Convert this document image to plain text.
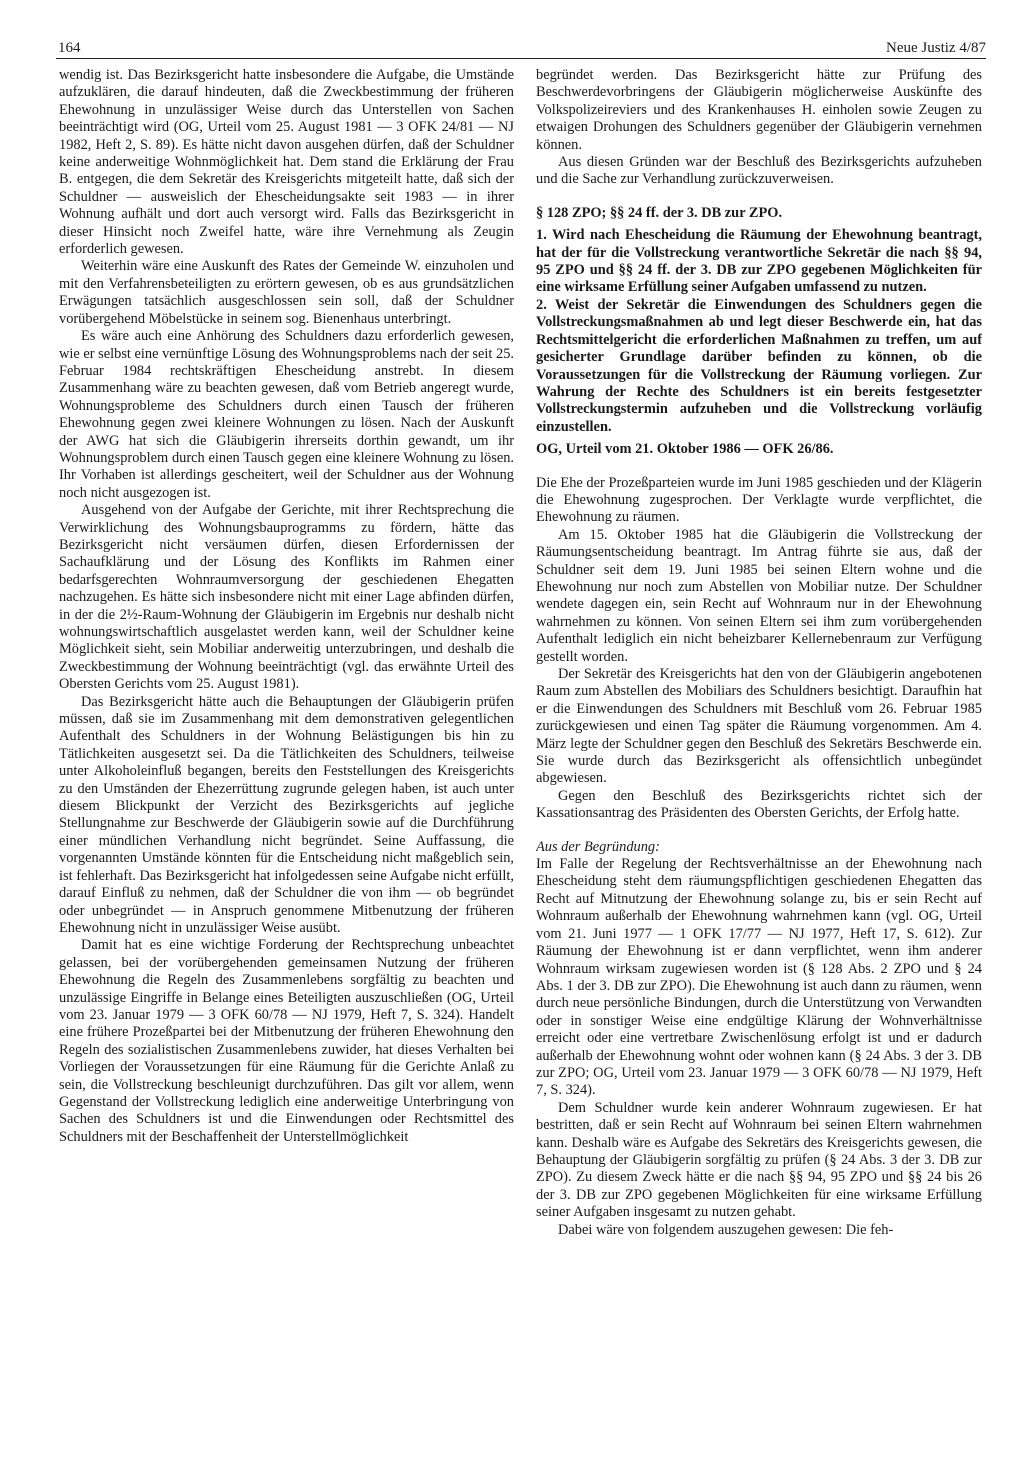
164	Neue Justiz 4/87

wendig ist. Das Bezirksgericht hatte insbesondere die Aufgabe, die Umstände aufzuklären, die darauf hindeuten, daß die Zweckbestimmung der früheren Ehewohnung in unzulässiger Weise durch das Unterstellen von Sachen beeinträchtigt wird (OG, Urteil vom 25. August 1981 — 3 OFK 24/81 — NJ 1982, Heft 2, S. 89). Es hätte nicht davon ausgehen dürfen, daß der Schuldner keine anderweitige Wohnmöglichkeit hat. Dem stand die Erklärung der Frau B. entgegen, die dem Sekretär des Kreisgerichts mitgeteilt hatte, daß sich der Schuldner — ausweislich der Ehescheidungsakte seit 1983 — in ihrer Wohnung aufhält und dort auch versorgt wird. Falls das Bezirksgericht in dieser Hinsicht noch Zweifel hatte, wäre ihre Vernehmung als Zeugin erforderlich gewesen.

Weiterhin wäre eine Auskunft des Rates der Gemeinde W. einzuholen und mit den Verfahrensbeteiligten zu erörtern gewesen, ob es aus grundsätzlichen Erwägungen tatsächlich ausgeschlossen sein soll, daß der Schuldner vorübergehend Möbelstücke in seinem sog. Bienenhaus unterbringt.

Es wäre auch eine Anhörung des Schuldners dazu erforderlich gewesen, wie er selbst eine vernünftige Lösung des Wohnungsproblems nach der seit 25. Februar 1984 rechtskräftigen Ehescheidung anstrebt. In diesem Zusammenhang wäre zu beachten gewesen, daß vom Betrieb angeregt wurde, Wohnungsprobleme des Schuldners durch einen Tausch der früheren Ehewohnung gegen zwei kleinere Wohnungen zu lösen. Nach der Auskunft der AWG hat sich die Gläubigerin ihrerseits dorthin gewandt, um ihr Wohnungsproblem durch einen Tausch gegen eine kleinere Wohnung zu lösen. Ihr Vorhaben ist allerdings gescheitert, weil der Schuldner aus der Wohnung noch nicht ausgezogen ist.

Ausgehend von der Aufgabe der Gerichte, mit ihrer Rechtsprechung die Verwirklichung des Wohnungsbauprogramms zu fördern, hätte das Bezirksgericht nicht versäumen dürfen, diesen Erfordernissen der Sachaufklärung und der Lösung des Konflikts im Rahmen einer bedarfsgerechten Wohnraumversorgung der geschiedenen Ehegatten nachzugehen. Es hätte sich insbesondere nicht mit einer Lage abfinden dürfen, in der die 2½-Raum-Wohnung der Gläubigerin im Ergebnis nur deshalb nicht wohnungswirtschaftlich ausgelastet werden kann, weil der Schuldner keine Möglichkeit sieht, sein Mobiliar anderweitig unterzubringen, und deshalb die Zweckbestimmung der Wohnung beeinträchtigt (vgl. das erwähnte Urteil des Obersten Gerichts vom 25. August 1981).

Das Bezirksgericht hätte auch die Behauptungen der Gläubigerin prüfen müssen, daß sie im Zusammenhang mit dem demonstrativen gelegentlichen Aufenthalt des Schuldners in der Wohnung Belästigungen bis hin zu Tätlichkeiten ausgesetzt sei. Da die Tätlichkeiten des Schuldners, teilweise unter Alkoholeinfluß begangen, bereits den Feststellungen des Kreisgerichts zu den Umständen der Ehezerrüttung zugrunde gelegen haben, ist auch unter diesem Blickpunkt der Verzicht des Bezirksgerichts auf jegliche Stellungnahme zur Beschwerde der Gläubigerin sowie auf die Durchführung einer mündlichen Verhandlung nicht begründet. Seine Auffassung, die vorgenannten Umstände könnten für die Entscheidung nicht maßgeblich sein, ist fehlerhaft. Das Bezirksgericht hat infolgedessen seine Aufgabe nicht erfüllt, darauf Einfluß zu nehmen, daß der Schuldner die von ihm — ob begründet oder unbegründet — in Anspruch genommene Mitbenutzung der früheren Ehewohnung nicht in unzulässiger Weise ausübt.

Damit hat es eine wichtige Forderung der Rechtsprechung unbeachtet gelassen, bei der vorübergehenden gemeinsamen Nutzung der früheren Ehewohnung die Regeln des Zusammenlebens sorgfältig zu beachten und unzulässige Eingriffe in Belange eines Beteiligten auszuschließen (OG, Urteil vom 23. Januar 1979 — 3 OFK 60/78 — NJ 1979, Heft 7, S. 324). Handelt eine frühere Prozeßpartei bei der Mitbenutzung der früheren Ehewohnung den Regeln des sozialistischen Zusammenlebens zuwider, hat dieses Verhalten bei Vorliegen der Voraussetzungen für eine Räumung für die Gerichte Anlaß zu sein, die Vollstreckung beschleunigt durchzuführen. Das gilt vor allem, wenn Gegenstand der Vollstreckung lediglich eine anderweitige Unterbringung von Sachen des Schuldners ist und die Einwendungen oder Rechtsmittel des Schuldners mit der Beschaffenheit der Unterstellmöglichkeit

begründet werden. Das Bezirksgericht hätte zur Prüfung des Beschwerdevorbringens der Gläubigerin möglicherweise Auskünfte des Volkspolizeireviers und des Krankenhauses H. einholen sowie Zeugen zu etwaigen Drohungen des Schuldners gegenüber der Gläubigerin vernehmen können.

Aus diesen Gründen war der Beschluß des Bezirksgerichts aufzuheben und die Sache zur Verhandlung zurückzuverweisen.

§ 128 ZPO; §§ 24 ff. der 3. DB zur ZPO.

1. Wird nach Ehescheidung die Räumung der Ehewohnung beantragt, hat der für die Vollstreckung verantwortliche Sekretär die nach §§ 94, 95 ZPO und §§ 24 ff. der 3. DB zur ZPO gegebenen Möglichkeiten für eine wirksame Erfüllung seiner Aufgaben umfassend zu nutzen.

2. Weist der Sekretär die Einwendungen des Schuldners gegen die Vollstreckungsmaßnahmen ab und legt dieser Beschwerde ein, hat das Rechtsmittelgericht die erforderlichen Maßnahmen zu treffen, um auf gesicherter Grundlage darüber befinden zu können, ob die Voraussetzungen für die Vollstreckung der Räumung vorliegen. Zur Wahrung der Rechte des Schuldners ist ein bereits festgesetzter Vollstreckungstermin aufzuheben und die Vollstreckung vorläufig einzustellen.

OG, Urteil vom 21. Oktober 1986 — OFK 26/86.

Die Ehe der Prozeßparteien wurde im Juni 1985 geschieden und der Klägerin die Ehewohnung zugesprochen. Der Verklagte wurde verpflichtet, die Ehewohnung zu räumen.

Am 15. Oktober 1985 hat die Gläubigerin die Vollstreckung der Räumungsentscheidung beantragt. Im Antrag führte sie aus, daß der Schuldner seit dem 19. Juni 1985 bei seinen Eltern wohne und die Ehewohnung nur noch zum Abstellen von Mobiliar nutze. Der Schuldner wendete dagegen ein, sein Recht auf Wohnraum nur in der Ehewohnung wahrnehmen zu können. Von seinen Eltern sei ihm zum vorübergehenden Aufenthalt lediglich ein nicht beheizbarer Kellernebenraum zur Verfügung gestellt worden.

Der Sekretär des Kreisgerichts hat den von der Gläubigerin angebotenen Raum zum Abstellen des Mobiliars des Schuldners besichtigt. Daraufhin hat er die Einwendungen des Schuldners mit Beschluß vom 26. Februar 1985 zurückgewiesen und einen Tag später die Räumung vorgenommen. Am 4. März legte der Schuldner gegen den Beschluß des Sekretärs Beschwerde ein. Sie wurde durch das Bezirksgericht als offensichtlich unbegündet abgewiesen.

Gegen den Beschluß des Bezirksgerichts richtet sich der Kassationsantrag des Präsidenten des Obersten Gerichts, der Erfolg hatte.

Aus der Begründung:

Im Falle der Regelung der Rechtsverhältnisse an der Ehewohnung nach Ehescheidung steht dem räumungspflichtigen geschiedenen Ehegatten das Recht auf Mitnutzung der Ehewohnung solange zu, bis er sein Recht auf Wohnraum außerhalb der Ehewohnung wahrnehmen kann (vgl. OG, Urteil vom 21. Juni 1977 — 1 OFK 17/77 — NJ 1977, Heft 17, S. 612). Zur Räumung der Ehewohnung ist er dann verpflichtet, wenn ihm anderer Wohnraum wirksam zugewiesen worden ist (§ 128 Abs. 2 ZPO und § 24 Abs. 1 der 3. DB zur ZPO). Die Ehewohnung ist auch dann zu räumen, wenn durch neue persönliche Bindungen, durch die Unterstützung von Verwandten oder in sonstiger Weise eine endgültige Klärung der Wohnverhältnisse erreicht oder eine vertretbare Zwischenlösung erfolgt ist und er dadurch außerhalb der Ehewohnung wohnt oder wohnen kann (§ 24 Abs. 3 der 3. DB zur ZPO; OG, Urteil vom 23. Januar 1979 — 3 OFK 60/78 — NJ 1979, Heft 7, S. 324).

Dem Schuldner wurde kein anderer Wohnraum zugewiesen. Er hat bestritten, daß er sein Recht auf Wohnraum bei seinen Eltern wahrnehmen kann. Deshalb wäre es Aufgabe des Sekretärs des Kreisgerichts gewesen, die Behauptung der Gläubigerin sorgfältig zu prüfen (§ 24 Abs. 3 der 3. DB zur ZPO). Zu diesem Zweck hätte er die nach §§ 94, 95 ZPO und §§ 24 bis 26 der 3. DB zur ZPO gegebenen Möglichkeiten für eine wirksame Erfüllung seiner Aufgaben insgesamt zu nutzen gehabt.

Dabei wäre von folgendem auszugehen gewesen: Die feh-
